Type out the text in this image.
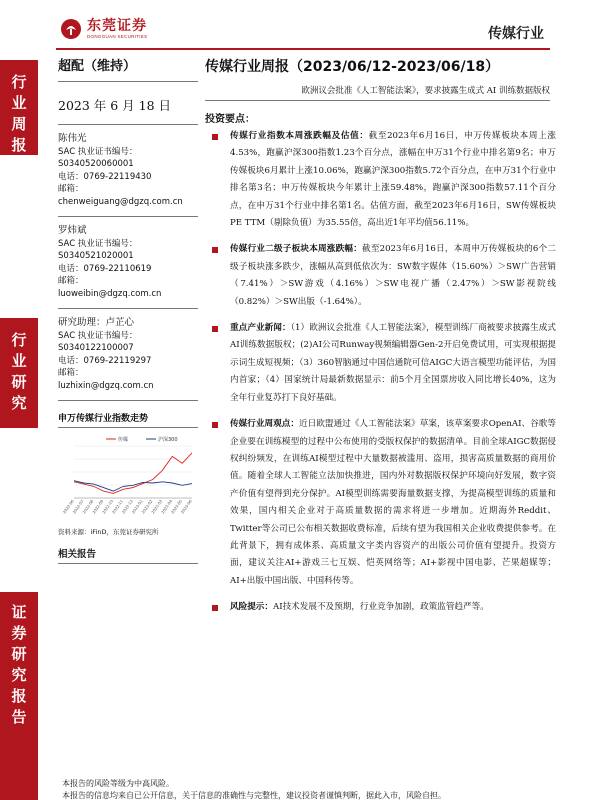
东莞证券
DONGGUAN SECURITIES	传媒行业
行业周报
行业研究
证券研究报告
超配（维持）
2023 年 6 月 18 日
陈伟光
SAC 执业证书编号：
S0340520060001
电话：0769-22119430
邮箱：
chenweiguang@dgzq.com.cn
罗炜斌
SAC 执业证书编号：
S0340521020001
电话：0769-22110619
邮箱：
luoweibin@dgzq.com.cn
研究助理：卢芷心
SAC 执业证书编号：
S0340122100007
电话：0769-22119297
邮箱：
luzhixin@dgzq.com.cn
申万传媒行业指数走势
传媒	沪深300
2022-06
2022-07
2022-08
2022-09
2022-10
2022-11
2022-12
2023-01
2023-02
2023-03
2023-04
2023-05
2023-06
资料来源：iFinD，东莞证券研究所
相关报告
传媒行业周报（2023/06/12-2023/06/18）
欧洲议会批准《人工智能法案》，要求披露生成式 AI 训练数据版权
投资要点：
传媒行业指数本周涨跌幅及估值：截至2023年6月16日，申万传媒板块本周上涨4.53%，跑赢沪深300指数1.23个百分点，涨幅在申万31个行业中排名第9名；申万传媒板块6月累计上涨10.06%，跑赢沪深300指数5.72个百分点，在申万31个行业中排名第3名；申万传媒板块今年累计上涨59.48%，跑赢沪深300指数57.11个百分点，在申万31个行业中排名第1名。估值方面，截至2023年6月16日，SW传媒板块PE TTM（剔除负值）为35.55倍，高出近1年平均值56.11%。
传媒行业二级子板块本周涨跌幅：截至2023年6月16日，本周申万传媒板块的6个二级子板块涨多跌少，涨幅从高到低依次为：SW数字媒体（15.60%）＞SW广告营销（7.41%）＞SW游戏（4.16%）＞SW电视广播（2.47%）＞SW影视院线（0.82%）＞SW出版（-1.64%）。
重点产业新闻：（1）欧洲议会批准《人工智能法案》，模型训练厂商被要求披露生成式AI训练数据版权；(2)AI公司Runway视频编辑器Gen-2开启免费试用，可实现根据提示词生成短视频；（3）360智脑通过中国信通院可信AIGC大语言模型功能评估，为国内首家；（4）国家统计局最新数据显示：前5个月全国票房收入同比增长40%，这为全年行业复苏打下良好基础。
传媒行业周观点：近日欧盟通过《人工智能法案》草案，该草案要求OpenAI、谷歌等企业要在训练模型的过程中公布使用的受版权保护的数据清单。目前全球AIGC数据侵权纠纷频发，在训练AI模型过程中大量数据被滥用、盗用，损害高质量数据的商用价值。随着全球人工智能立法加快推进，国内外对数据版权保护环境向好发展，数字资产价值有望得到充分保护。AI模型训练需要海量数据支撑，为提高模型训练的质量和效果，国内相关企业对于高质量数据的需求将进一步增加。近期海外Reddit、Twitter等公司已公布相关数据收费标准，后续有望为我国相关企业收费提供参考。在此背景下，拥有成体系、高质量文字类内容资产的出版公司价值有望提升。投资方面，建议关注AI+游戏三七互娱、恺英网络等；AI+影视中国电影、芒果超媒等；AI+出版中国出版、中国科传等。
风险提示：AI技术发展不及预期，行业竞争加剧，政策监管趋严等。
本报告的风险等级为中高风险。
本报告的信息均来自已公开信息，关于信息的准确性与完整性，建议投资者谨慎判断，据此入市，风险自担。
